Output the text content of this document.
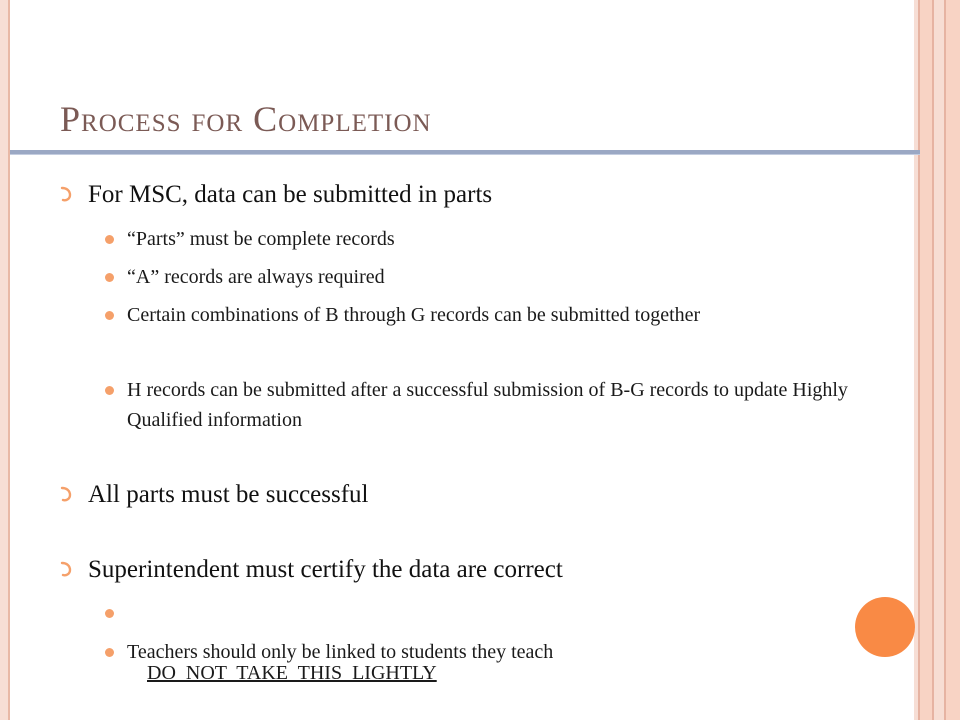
Process for Completion
For MSC, data can be submitted in parts
“Parts” must be complete records
“A” records are always required
Certain combinations of B through G records can be submitted together
H records can be submitted after a successful submission of B-G records to update Highly Qualified information
All parts must be successful
Superintendent must certify the data are correct

DO  NOT  TAKE  THIS  LIGHTLY

Teachers should only be linked to students they teach
